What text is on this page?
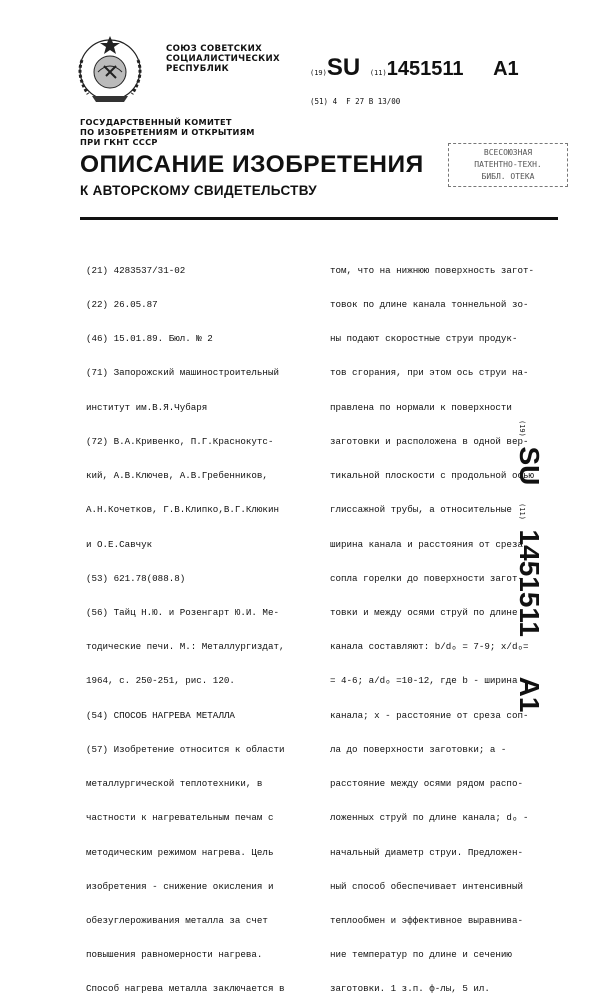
СОЮЗ СОВЕТСКИХ
СОЦИАЛИСТИЧЕСКИХ
РЕСПУБЛИК	(19)SU (11)1451511 A1
(51) 4 F 27 B 13/00
ГОСУДАРСТВЕННЫЙ КОМИТЕТ
ПО ИЗОБРЕТЕНИЯМ И ОТКРЫТИЯМ
ПРИ ГКНТ СССР
ВСЕСОЮЗНАЯ
ПАТЕНТНО-ТЕХН.
БИБЛ. ОТЕКА
ОПИСАНИЕ ИЗОБРЕТЕНИЯ
К АВТОРСКОМУ СВИДЕТЕЛЬСТВУ

(21) 4283537/31-02

(22) 26.05.87

(46) 15.01.89. Бюл. № 2

(71) Запорожский машиностроительный

институт им.В.Я.Чубаря

(72) В.А.Кривенко, П.Г.Краснокутс-

кий, А.В.Ключев, А.В.Гребенников,

А.Н.Кочетков, Г.В.Клипко,В.Г.Клюкин

и О.Е.Савчук

(53) 621.78(088.8)

(56) Тайц Н.Ю. и Розенгарт Ю.И. Ме-

тодические печи. М.: Металлургиздат,

1964, с. 250-251, рис. 120.

(54) СПОСОБ НАГРЕВА МЕТАЛЛА

(57) Изобретение относится к области

металлургической теплотехники, в

частности к нагревательным печам с

методическим режимом нагрева. Цель

изобретения - снижение окисления и

обезуглероживания металла за счет

повышения равномерности нагрева.

Способ нагрева металла заключается в

том, что на нижнюю поверхность загот-

товок по длине канала тоннельной зо-

ны подают скоростные струи продук-

тов сгорания, при этом ось струи на-

правлена по нормали к поверхности

заготовки и расположена в одной вер-

тикальной плоскости с продольной осью

глиссажной трубы, а относительные

ширина канала и расстояния от среза

сопла горелки до поверхности загот-

товки и между осями струй по длине

канала составляют: b/dₒ = 7-9; x/dₒ=

= 4-6; a/dₒ =10-12, где b - ширина

канала; x - расстояние от среза соп-

ла до поверхности заготовки; a -

расстояние между осями рядом распо-

ложенных струй по длине канала; dₒ -

начальный диаметр струи. Предложен-

ный способ обеспечивает интенсивный

теплообмен и эффективное выравнива-

ние температур по длине и сечению

заготовки. 1 з.п. ф-лы, 5 ил.

(19) SU (11) 1451511 A1
